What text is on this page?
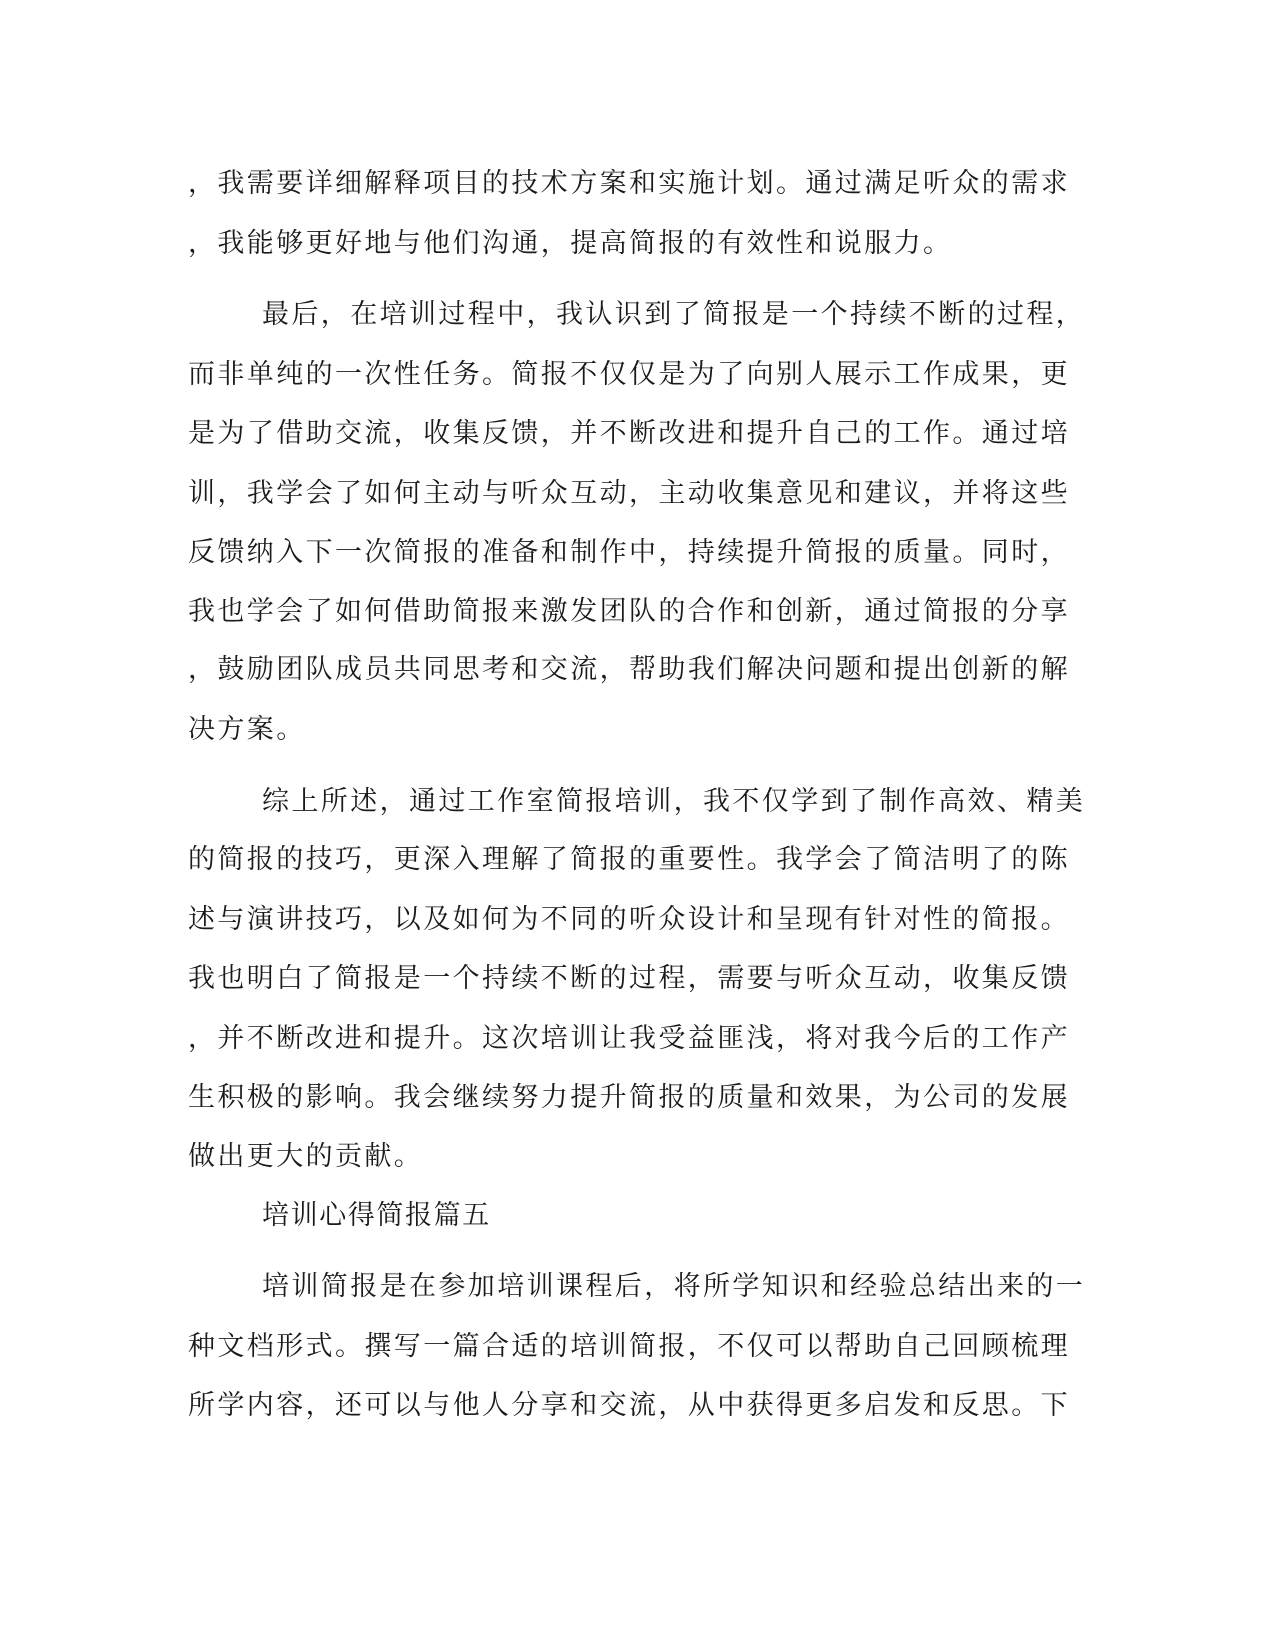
，我需要详细解释项目的技术方案和实施计划。通过满足听众的需求
，我能够更好地与他们沟通，提高简报的有效性和说服力。
最后，在培训过程中，我认识到了简报是一个持续不断的过程，
而非单纯的一次性任务。简报不仅仅是为了向别人展示工作成果，更
是为了借助交流，收集反馈，并不断改进和提升自己的工作。通过培
训，我学会了如何主动与听众互动，主动收集意见和建议，并将这些
反馈纳入下一次简报的准备和制作中，持续提升简报的质量。同时，
我也学会了如何借助简报来激发团队的合作和创新，通过简报的分享
，鼓励团队成员共同思考和交流，帮助我们解决问题和提出创新的解
决方案。
综上所述，通过工作室简报培训，我不仅学到了制作高效、精美
的简报的技巧，更深入理解了简报的重要性。我学会了简洁明了的陈
述与演讲技巧，以及如何为不同的听众设计和呈现有针对性的简报。
我也明白了简报是一个持续不断的过程，需要与听众互动，收集反馈
，并不断改进和提升。这次培训让我受益匪浅，将对我今后的工作产
生积极的影响。我会继续努力提升简报的质量和效果，为公司的发展
做出更大的贡献。
培训心得简报篇五
培训简报是在参加培训课程后，将所学知识和经验总结出来的一
种文档形式。撰写一篇合适的培训简报，不仅可以帮助自己回顾梳理
所学内容，还可以与他人分享和交流，从中获得更多启发和反思。下
